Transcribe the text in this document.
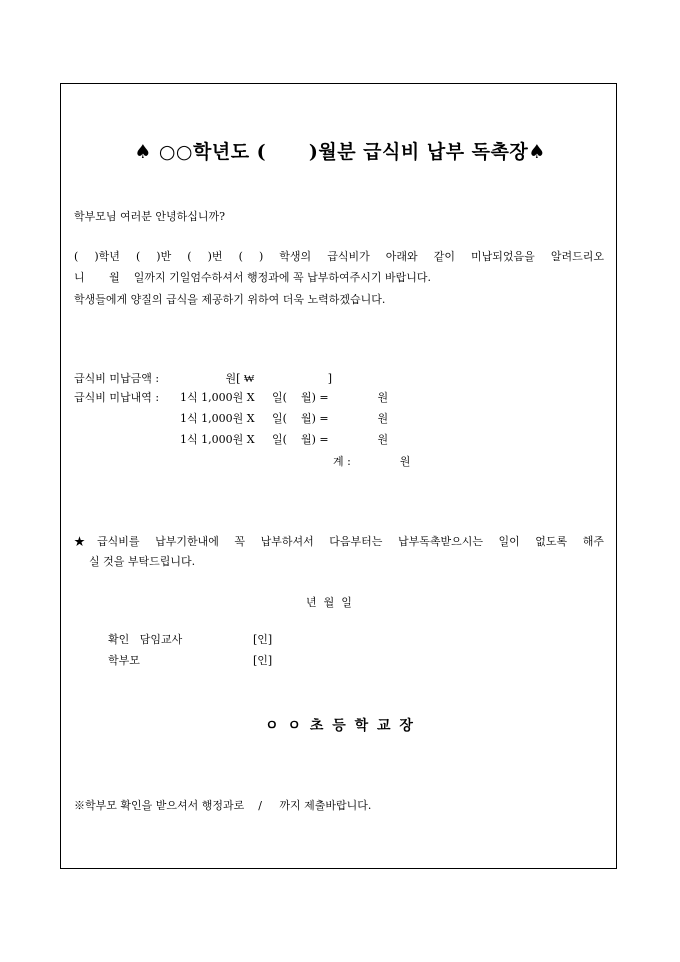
♠ ○○학년도 (      )월분 급식비 납부 독촉장♠
학부모님 여러분 안녕하십니까?
( )학년 ( )반 ( )번 ( ) 학생의 급식비가 아래와 같이 미납되었음을 알려드리오
니       월    일까지 기일엄수하셔서 행정과에 꼭 납부하여주시기 바랍니다.
학생들에게 양질의 급식을 제공하기 위하여 더욱 노력하겠습니다.
급식비 미납금액 :                   원[ ₩                     ]
급식비 미납내역 : 1식 1,000원 X     일(    월) =              원
1식 1,000원 X     일(    월) =              원
1식 1,000원 X     일(    월) =              원
계 :              원
★급식비를 납부기한내에 꼭 납부하셔서 다음부터는 납부독촉받으시는 일이 없도록 해주
실 것을 부탁드립니다.
년  월  일
확인   담임교사	[인]
학부모	[인]
ㅇ ㅇ 초 등 학 교 장
※학부모 확인을 받으셔서 행정과로    /     까지 제출바랍니다.
